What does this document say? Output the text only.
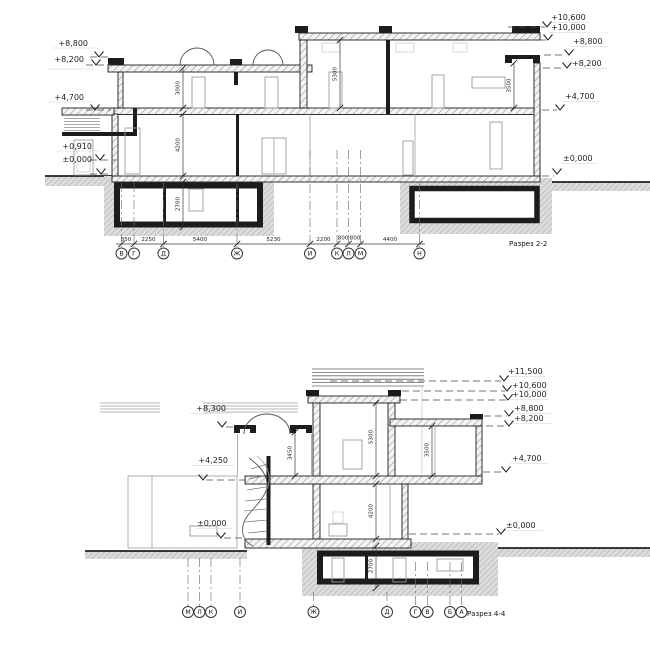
+8,800
+8,200
+4,700
+0,910
±0,000
+10,600
+10,000
+8,800
+8,200
+4,700
±0,000
3000
4200
2700
5300
3500
850 2250	5400	5230	2200 800 800	4400
В Г	Д	Ж	И	К Л М	Н
Разрез 2-2
+8,300
+4,250
±0,000
+11,500
+10,600
+10,000
+8,800
+8,200
+4,700
±0,000
3450
5300
4200
2700
3500
М Л К	И	Ж	Д	Г В	Б А Разрез 4-4
